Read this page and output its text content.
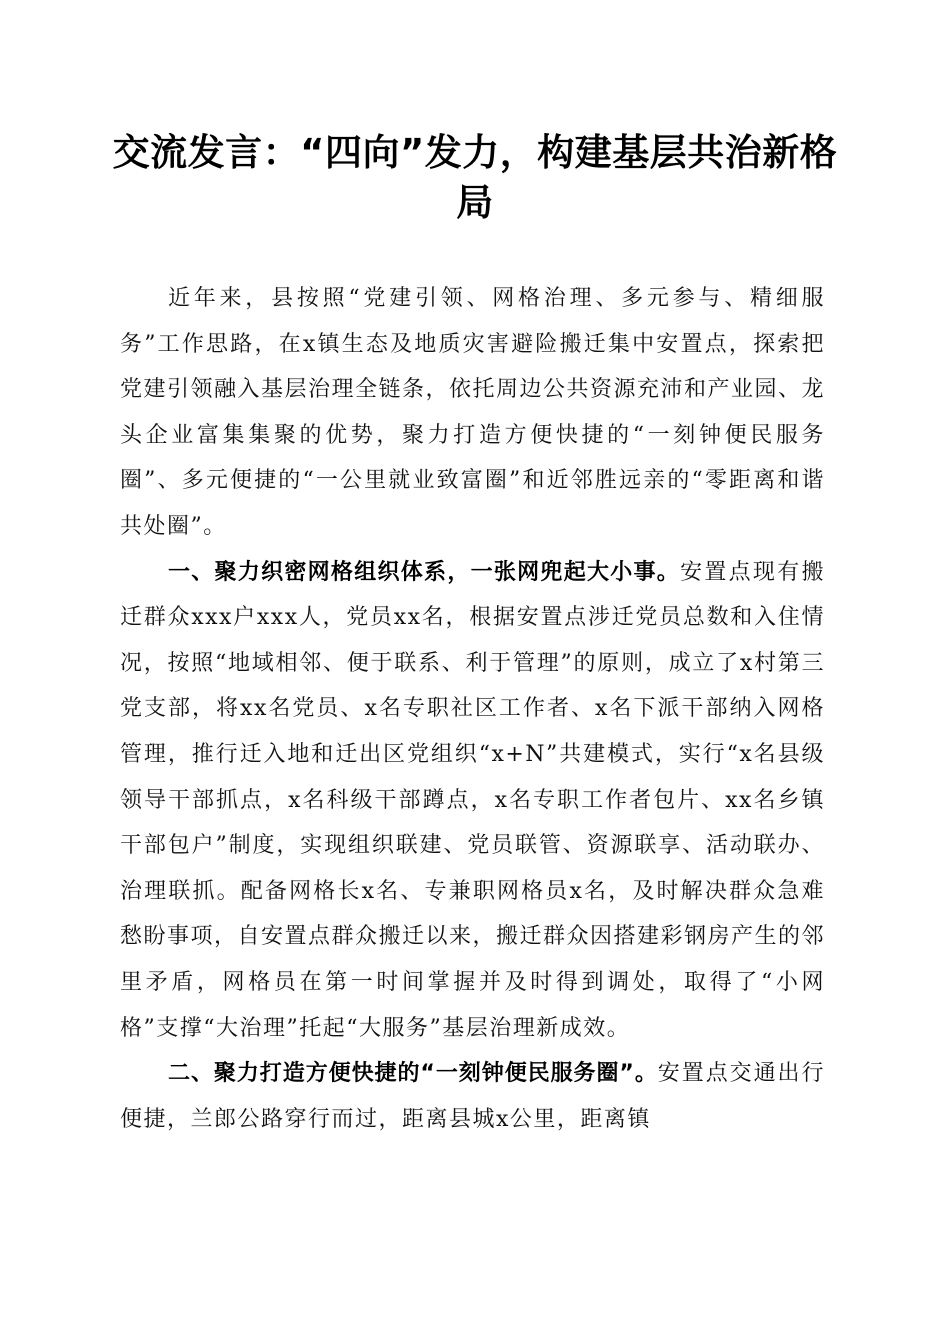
交流发言：“四向”发力，构建基层共治新格局

近年来，县按照“党建引领、网格治理、多元参与、精细服务”工作思路，在x镇生态及地质灾害避险搬迁集中安置点，探索把党建引领融入基层治理全链条，依托周边公共资源充沛和产业园、龙头企业富集集聚的优势，聚力打造方便快捷的“一刻钟便民服务圈”、多元便捷的“一公里就业致富圈”和近邻胜远亲的“零距离和谐共处圈”。

一、聚力织密网格组织体系，一张网兜起大小事。安置点现有搬迁群众xxx户xxx人，党员xx名，根据安置点涉迁党员总数和入住情况，按照“地域相邻、便于联系、利于管理”的原则，成立了x村第三党支部，将xx名党员、x名专职社区工作者、x名下派干部纳入网格管理，推行迁入地和迁出区党组织“x+N”共建模式，实行“x名县级领导干部抓点，x名科级干部蹲点，x名专职工作者包片、xx名乡镇干部包户”制度，实现组织联建、党员联管、资源联享、活动联办、治理联抓。配备网格长x名、专兼职网格员x名，及时解决群众急难愁盼事项，自安置点群众搬迁以来，搬迁群众因搭建彩钢房产生的邻里矛盾，网格员在第一时间掌握并及时得到调处，取得了“小网格”支撑“大治理”托起“大服务”基层治理新成效。

二、聚力打造方便快捷的“一刻钟便民服务圈”。安置点交通出行便捷，兰郎公路穿行而过，距离县城x公里，距离镇
